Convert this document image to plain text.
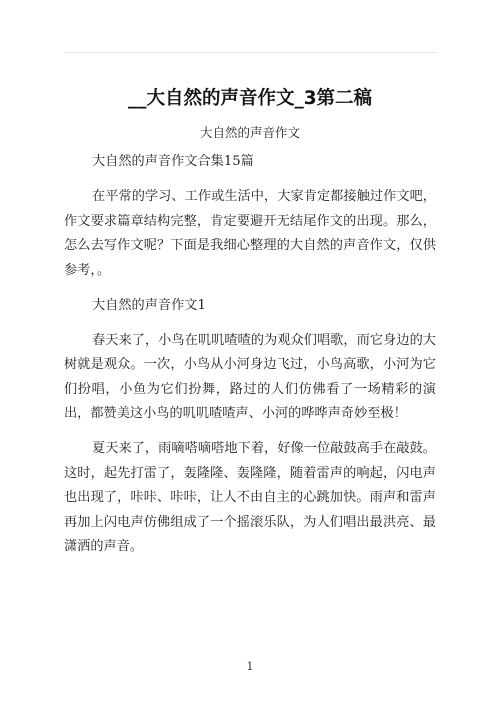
__大自然的声音作文_3第二稿
大自然的声音作文

大自然的声音作文合集15篇

在平常的学习、工作或生活中，大家肯定都接触过作文吧，作文要求篇章结构完整，肯定要避开无结尾作文的出现。那么，怎么去写作文呢？下面是我细心整理的大自然的声音作文，仅供参考，。

大自然的声音作文1

春天来了，小鸟在叽叽喳喳的为观众们唱歌，而它身边的大树就是观众。一次，小鸟从小河身边飞过，小鸟高歌，小河为它们扮唱，小鱼为它们扮舞，路过的人们仿佛看了一场精彩的演出，都赞美这小鸟的叽叽喳喳声、小河的哗哗声奇妙至极！

夏天来了，雨嘀嗒嘀嗒地下着，好像一位敲鼓高手在敲鼓。这时，起先打雷了，轰隆隆、轰隆隆，随着雷声的响起，闪电声也出现了，咔咔、咔咔，让人不由自主的心跳加快。雨声和雷声再加上闪电声仿佛组成了一个摇滚乐队，为人们唱出最洪亮、最潇洒的声音。

1
